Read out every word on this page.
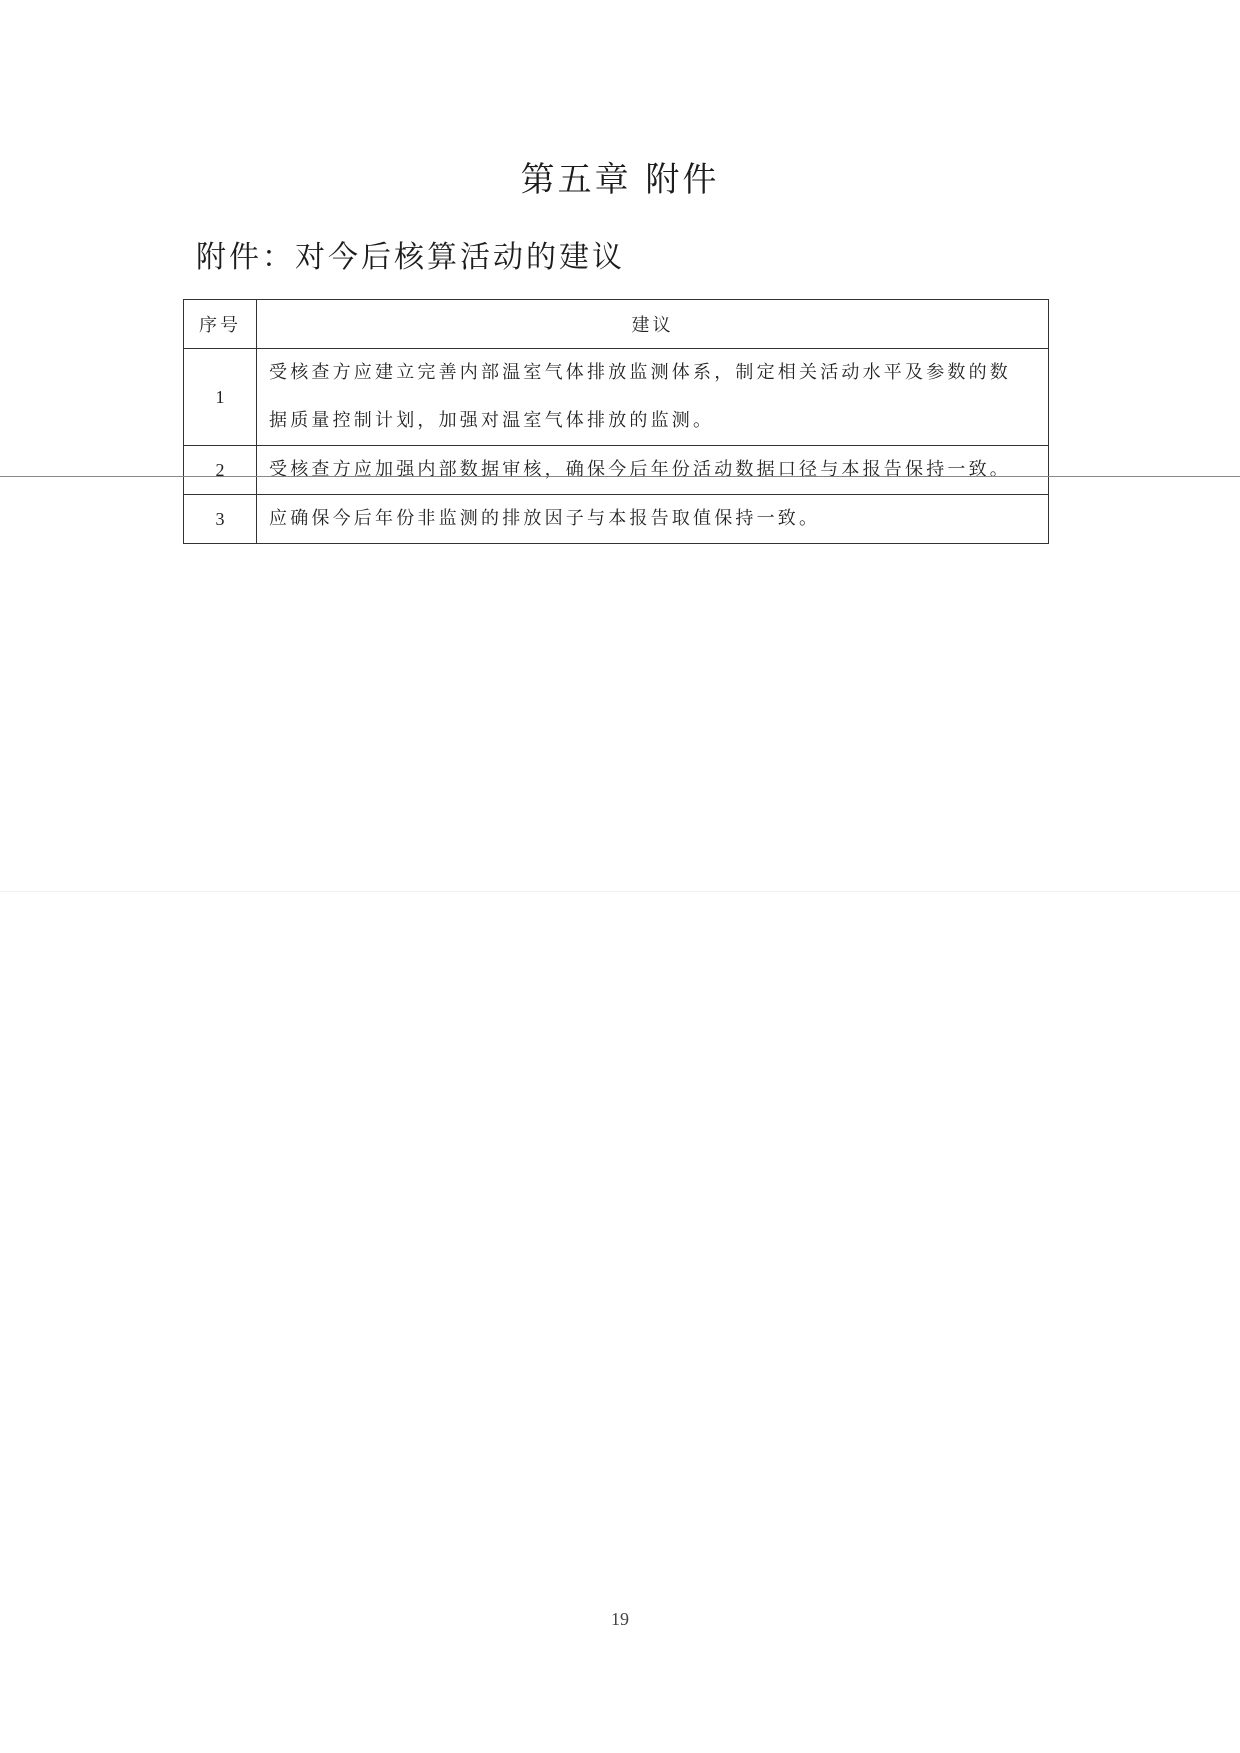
第五章 附件
附件：对今后核算活动的建议
序号	建议
1	受核查方应建立完善内部温室气体排放监测体系，制定相关活动水平及参数的数
据质量控制计划，加强对温室气体排放的监测。

2	受核查方应加强内部数据审核，确保今后年份活动数据口径与本报告保持一致。

3	应确保今后年份非监测的排放因子与本报告取值保持一致。
19
